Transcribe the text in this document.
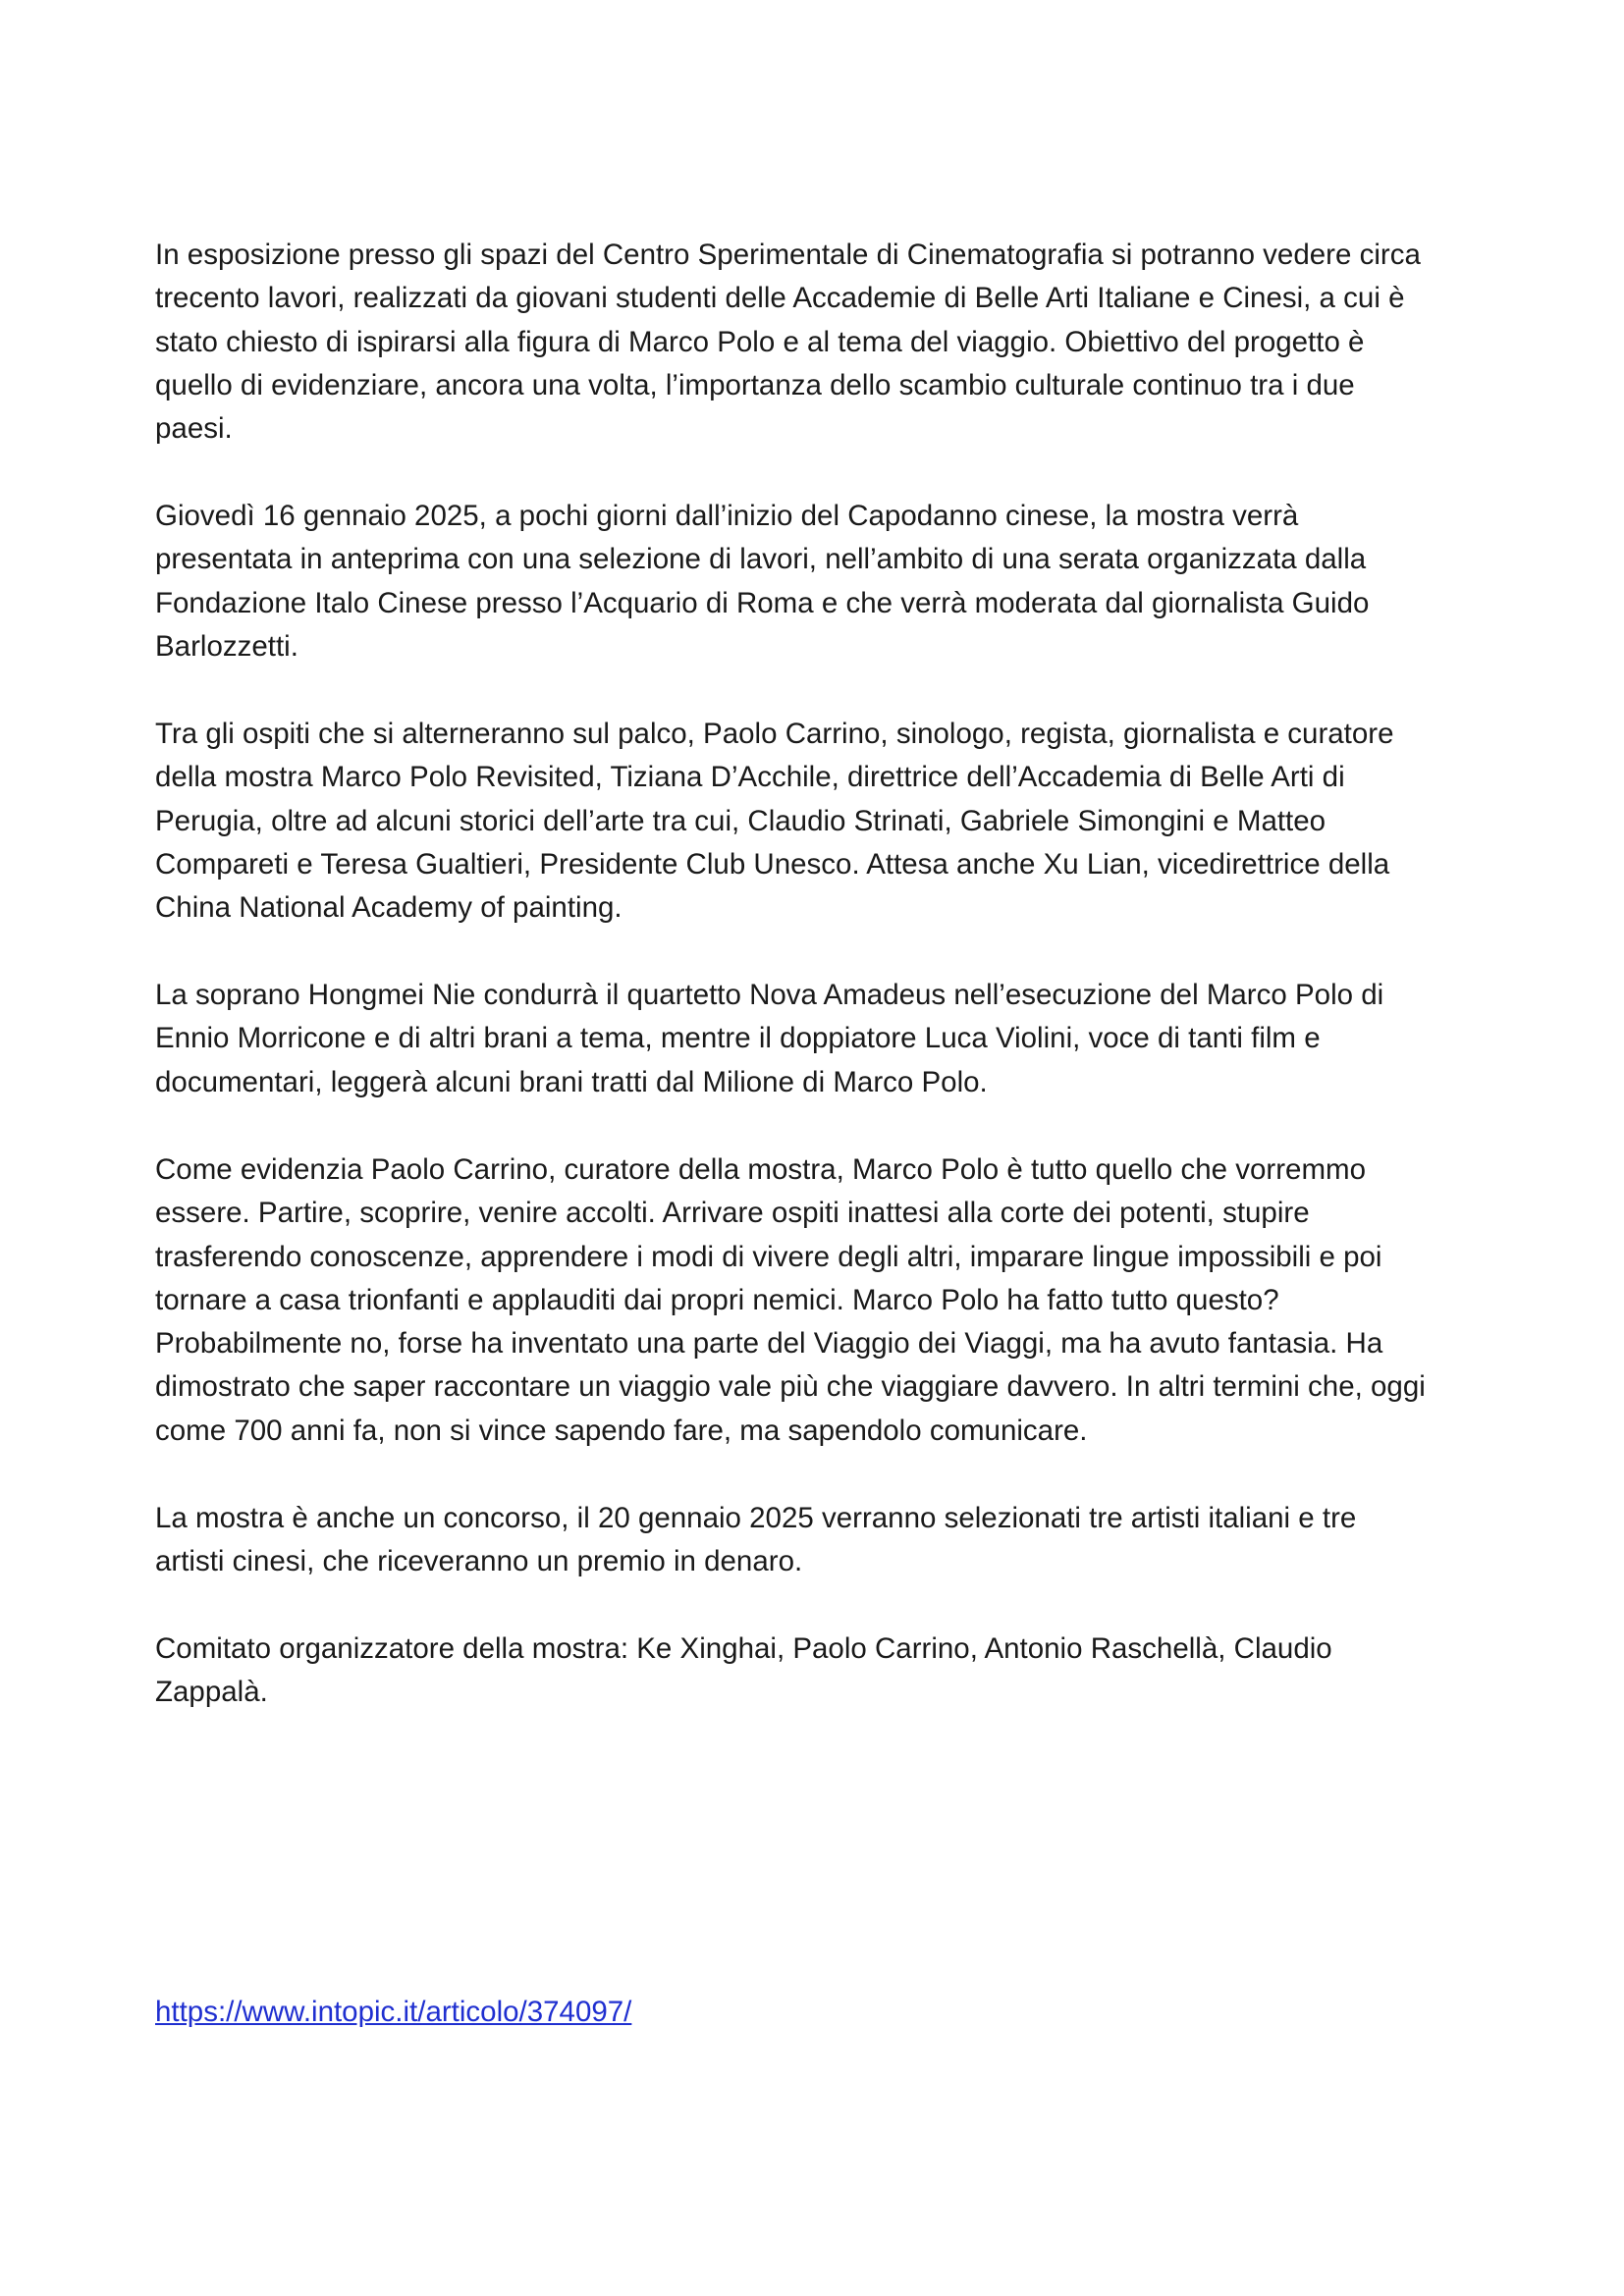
In esposizione presso gli spazi del Centro Sperimentale di Cinematografia si potranno vedere circa
trecento lavori, realizzati da giovani studenti delle Accademie di Belle Arti Italiane e Cinesi, a cui è
stato chiesto di ispirarsi alla figura di Marco Polo e al tema del viaggio. Obiettivo del progetto è
quello di evidenziare, ancora una volta, l’importanza dello scambio culturale continuo tra i due
paesi.

Giovedì 16 gennaio 2025, a pochi giorni dall’inizio del Capodanno cinese, la mostra verrà
presentata in anteprima con una selezione di lavori, nell’ambito di una serata organizzata dalla
Fondazione Italo Cinese presso l’Acquario di Roma e che verrà moderata dal giornalista Guido
Barlozzetti.

Tra gli ospiti che si alterneranno sul palco, Paolo Carrino, sinologo, regista, giornalista e curatore
della mostra Marco Polo Revisited, Tiziana D’Acchile, direttrice dell’Accademia di Belle Arti di
Perugia, oltre ad alcuni storici dell’arte tra cui, Claudio Strinati, Gabriele Simongini e Matteo
Compareti e Teresa Gualtieri, Presidente Club Unesco. Attesa anche Xu Lian, vicedirettrice della
China National Academy of painting.

La soprano Hongmei Nie condurrà il quartetto Nova Amadeus nell’esecuzione del Marco Polo di
Ennio Morricone e di altri brani a tema, mentre il doppiatore Luca Violini, voce di tanti film e
documentari, leggerà alcuni brani tratti dal Milione di Marco Polo.

Come evidenzia Paolo Carrino, curatore della mostra, Marco Polo è tutto quello che vorremmo
essere. Partire, scoprire, venire accolti. Arrivare ospiti inattesi alla corte dei potenti, stupire
trasferendo conoscenze, apprendere i modi di vivere degli altri, imparare lingue impossibili e poi
tornare a casa trionfanti e applauditi dai propri nemici. Marco Polo ha fatto tutto questo?
Probabilmente no, forse ha inventato una parte del Viaggio dei Viaggi, ma ha avuto fantasia. Ha
dimostrato che saper raccontare un viaggio vale più che viaggiare davvero. In altri termini che, oggi
come 700 anni fa, non si vince sapendo fare, ma sapendolo comunicare.

La mostra è anche un concorso, il 20 gennaio 2025 verranno selezionati tre artisti italiani e tre
artisti cinesi, che riceveranno un premio in denaro.

Comitato organizzatore della mostra: Ke Xinghai, Paolo Carrino, Antonio Raschellà, Claudio
Zappalà.

https://www.intopic.it/articolo/374097/
